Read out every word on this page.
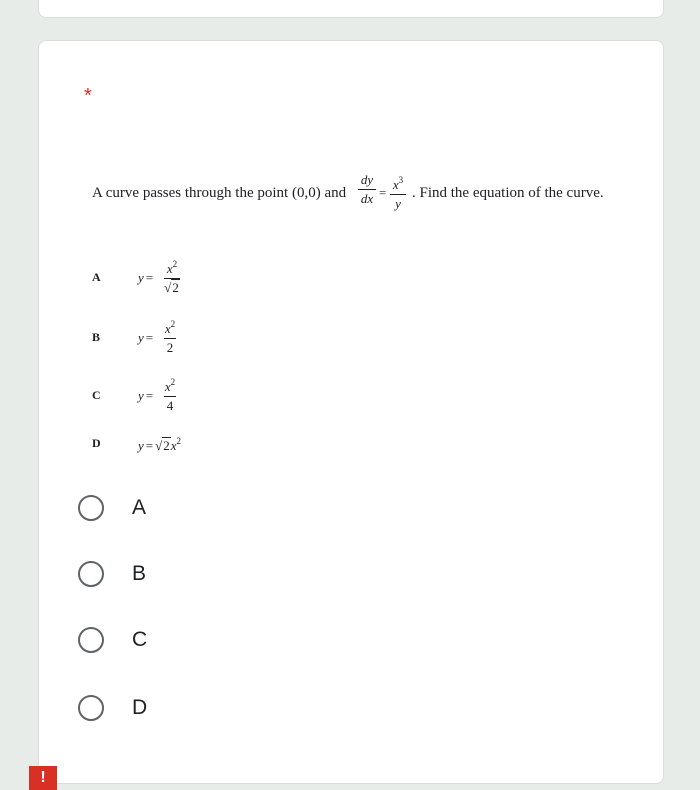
*
A curve passes through the point (0,0) and
dy
dx =
$x^3$
y
. Find the equation of the curve.
A	y =
$x^2$
√2
B	y =
$x^2$
2
C	y =
$x^2$
4
D	$y = √2x^2$
A
B
C
D
!
